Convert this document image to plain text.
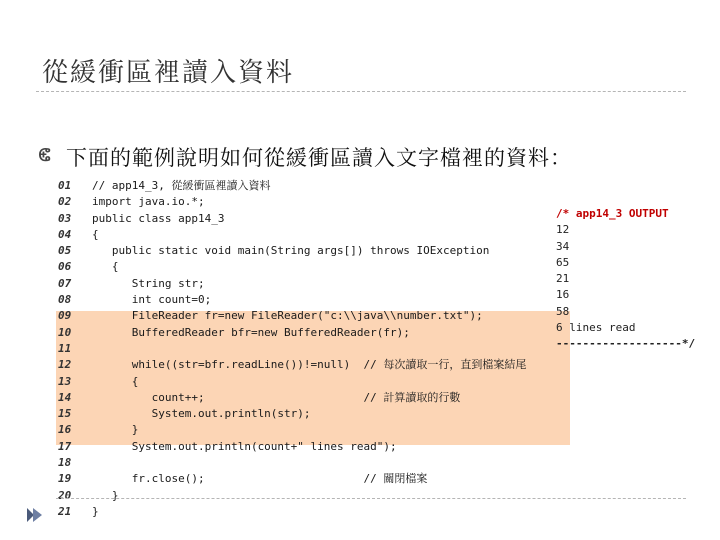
從緩衝區裡讀入資料
ⵞ 下面的範例說明如何從緩衝區讀入文字檔裡的資料：
01	// app14_3, 從緩衝區裡讀入資料
02	import java.io.*;
03	public class app14_3
04	{
05	public static void main(String args[]) throws IOException
06	{
07	String str;
08	int count=0;
09	FileReader fr=new FileReader("c:\\java\\number.txt");
10	BufferedReader bfr=new BufferedReader(fr);
11
12	while((str=bfr.readLine())!=null)  // 每次讀取一行，直到檔案結尾
13	{
14	count++;                        // 計算讀取的行數
15	System.out.println(str);
16	}
17	System.out.println(count+" lines read");
18
19	fr.close();                        // 關閉檔案
20	}
21	}
/* app14_3 OUTPUT
12
34
65
21
16
58
6 lines read
-------------------*/
